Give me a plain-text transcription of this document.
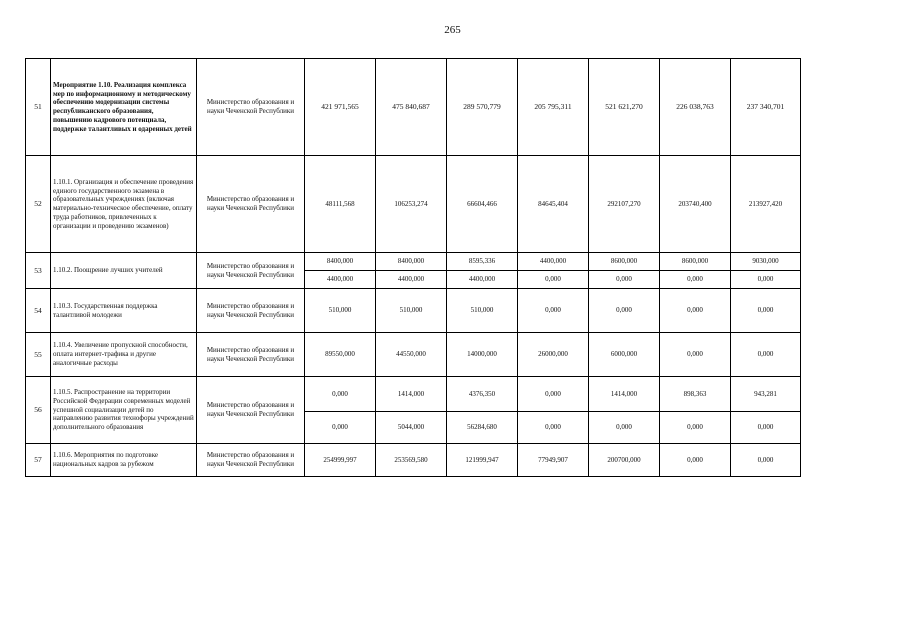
265
51	Мероприятие 1.10. Реализация комплекса мер по информационному и методическому обеспечению модернизации системы республиканского образования, повышению кадрового потенциала, поддержке талантливых и одаренных детей	Министерство образования и науки Чеченской Республики	421 971,565	475 840,687	289 570,779	205 795,311	521 621,270	226 038,763	237 340,701
52	1.10.1. Организация и обеспечение проведения единого государственного экзамена в образовательных учреждениях (включая материально-техническое обеспечение, оплату труда работников, привлеченных к организации и проведению экзаменов)	Министерство образования и науки Чеченской Республики	48111,568	106253,274	66604,466	84645,404	292107,270	203740,400	213927,420
53	1.10.2. Поощрение лучших учителей	Министерство образования и науки Чеченской Республики	8400,000	8400,000	8595,336	4400,000	8600,000	8600,000	9030,000
			4400,000	4400,000	4400,000	0,000	0,000	0,000	0,000
54	1.10.3. Государственная поддержка талантливой молодежи	Министерство образования и науки Чеченской Республики	510,000	510,000	510,000	0,000	0,000	0,000	0,000
55	1.10.4. Увеличение пропускной способности, оплата интернет-трафика и другие аналогичные расходы	Министерство образования и науки Чеченской Республики	89550,000	44550,000	14000,000	26000,000	6000,000	0,000	0,000
56	1.10.5. Распространение на территории Российской Федерации современных моделей успешной социализации детей по направлению развития технофоры учреждений дополнительного образования	Министерство образования и науки Чеченской Республики	0,000	1414,000	4376,350	0,000	1414,000	898,363	943,281
			0,000	5044,000	56284,680	0,000	0,000	0,000	0,000
57	1.10.6. Мероприятия по подготовке национальных кадров за рубежом	Министерство образования и науки Чеченской Республики	254999,997	253569,580	121999,947	77949,907	200700,000	0,000	0,000
